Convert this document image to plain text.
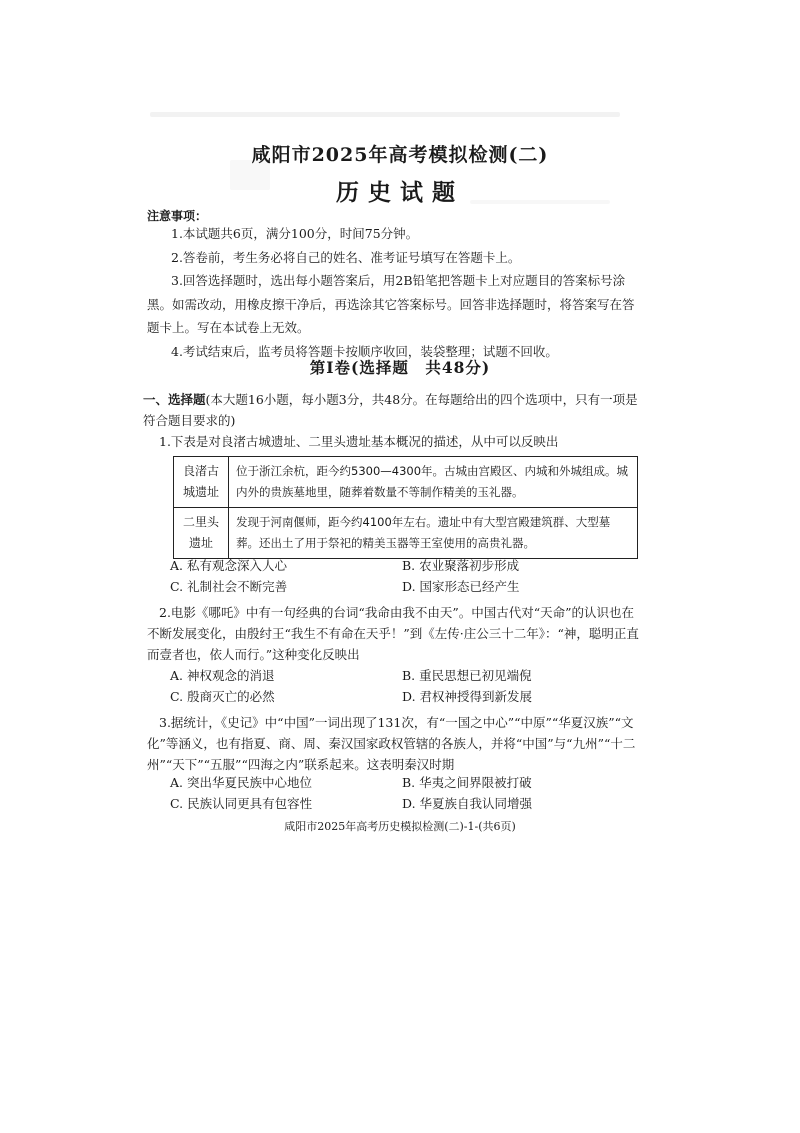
咸阳市2025年高考模拟检测(二)
历史试题
注意事项：

1.本试题共6页，满分100分，时间75分钟。

2.答卷前，考生务必将自己的姓名、准考证号填写在答题卡上。

3.回答选择题时，选出每小题答案后，用2B铅笔把答题卡上对应题目的答案标号涂黑。如需改动，用橡皮擦干净后，再选涂其它答案标号。回答非选择题时，将答案写在答题卡上。写在本试卷上无效。

4.考试结束后，监考员将答题卡按顺序收回，装袋整理；试题不回收。

第Ⅰ卷(选择题　共48分)
一、选择题(本大题16小题，每小题3分，共48分。在每题给出的四个选项中，只有一项是符合题目要求的)

1.下表是对良渚古城遗址、二里头遗址基本概况的描述，从中可以反映出

良渚古城遗址	位于浙江余杭，距今约5300—4300年。古城由宫殿区、内城和外城组成。城内外的贵族墓地里，随葬着数量不等制作精美的玉礼器。
二里头遗址	发现于河南偃师，距今约4100年左右。遗址中有大型宫殿建筑群、大型墓葬。还出土了用于祭祀的精美玉器等王室使用的高贵礼器。
A. 私有观念深入人心	B. 农业聚落初步形成
C. 礼制社会不断完善	D. 国家形态已经产生

2.电影《哪吒》中有一句经典的台词“我命由我不由天”。中国古代对“天命”的认识也在不断发展变化，由殷纣王“我生不有命在天乎！”到《左传·庄公三十二年》：“神，聪明正直而壹者也，依人而行。”这种变化反映出

A. 神权观念的消退	B. 重民思想已初见端倪
C. 殷商灭亡的必然	D. 君权神授得到新发展

3.据统计，《史记》中“中国”一词出现了131次，有“一国之中心”“中原”“华夏汉族”“文化”等涵义，也有指夏、商、周、秦汉国家政权管辖的各族人，并将“中国”与“九州”“十二州”“天下”“五服”“四海之内”联系起来。这表明秦汉时期

A. 突出华夏民族中心地位	B. 华夷之间界限被打破
C. 民族认同更具有包容性	D. 华夏族自我认同增强
咸阳市2025年高考历史模拟检测(二)-1-(共6页)
